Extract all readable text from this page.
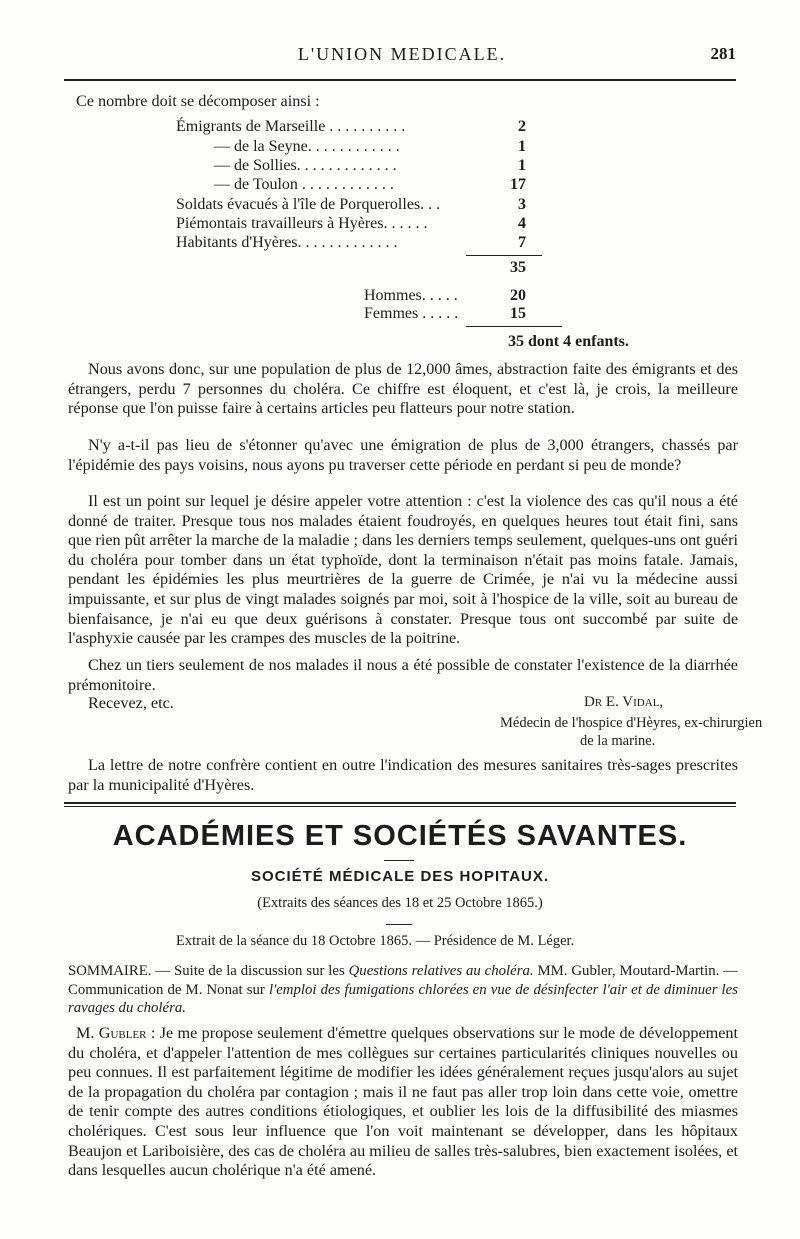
L'UNION MEDICALE.	281
Ce nombre doit se décomposer ainsi :
Émigrants de Marseille . . . . . . . . . .	2
— de la Seyne. . . . . . . . . . . .	1
— de Sollies. . . . . . . . . . . . .	1
— de Toulon . . . . . . . . . . . .	17
Soldats évacués à l'île de Porquerolles. . .	3
Piémontais travailleurs à Hyères. . . . . .	4
Habitants d'Hyères. . . . . . . . . . . . .	7
35
Hommes. . . . .	20
Femmes . . . . .	15
35 dont 4 enfants.
Nous avons donc, sur une population de plus de 12,000 âmes, abstraction faite des émigrants et des étrangers, perdu 7 personnes du choléra. Ce chiffre est éloquent, et c'est là, je crois, la meilleure réponse que l'on puisse faire à certains articles peu flatteurs pour notre station.
N'y a-t-il pas lieu de s'étonner qu'avec une émigration de plus de 3,000 étrangers, chassés par l'épidémie des pays voisins, nous ayons pu traverser cette période en perdant si peu de monde?
Il est un point sur lequel je désire appeler votre attention : c'est la violence des cas qu'il nous a été donné de traiter. Presque tous nos malades étaient foudroyés, en quelques heures tout était fini, sans que rien pût arrêter la marche de la maladie ; dans les derniers temps seulement, quelques-uns ont guéri du choléra pour tomber dans un état typhoïde, dont la terminaison n'était pas moins fatale. Jamais, pendant les épidémies les plus meurtrières de la guerre de Crimée, je n'ai vu la médecine aussi impuissante, et sur plus de vingt malades soignés par moi, soit à l'hospice de la ville, soit au bureau de bienfaisance, je n'ai eu que deux guérisons à constater. Presque tous ont succombé par suite de l'asphyxie causée par les crampes des muscles de la poitrine.
Chez un tiers seulement de nos malades il nous a été possible de constater l'existence de la diarrhée prémonitoire.
Recevez, etc.	Dr E. Vidal,
Médecin de l'hospice d'Hèyres, ex-chirurgien
de la marine.
La lettre de notre confrère contient en outre l'indication des mesures sanitaires très-sages prescrites par la municipalité d'Hyères.
ACADÉMIES ET SOCIÉTÉS SAVANTES.
SOCIÉTÉ MÉDICALE DES HOPITAUX.
(Extraits des séances des 18 et 25 Octobre 1865.)
Extrait de la séance du 18 Octobre 1865. — Présidence de M. Léger.
SOMMAIRE. — Suite de la discussion sur les Questions relatives au choléra. MM. Gubler, Moutard-Martin. — Communication de M. Nonat sur l'emploi des fumigations chlorées en vue de désinfecter l'air et de diminuer les ravages du choléra.
M. Gubler : Je me propose seulement d'émettre quelques observations sur le mode de développement du choléra, et d'appeler l'attention de mes collègues sur certaines particularités cliniques nouvelles ou peu connues. Il est parfaitement légitime de modifier les idées généralement reçues jusqu'alors au sujet de la propagation du choléra par contagion ; mais il ne faut pas aller trop loin dans cette voie, omettre de tenir compte des autres conditions étiologiques, et oublier les lois de la diffusibilité des miasmes cholériques. C'est sous leur influence que l'on voit maintenant se développer, dans les hôpitaux Beaujon et Lariboisière, des cas de choléra au milieu de salles très-salubres, bien exactement isolées, et dans lesquelles aucun cholérique n'a été amené.
